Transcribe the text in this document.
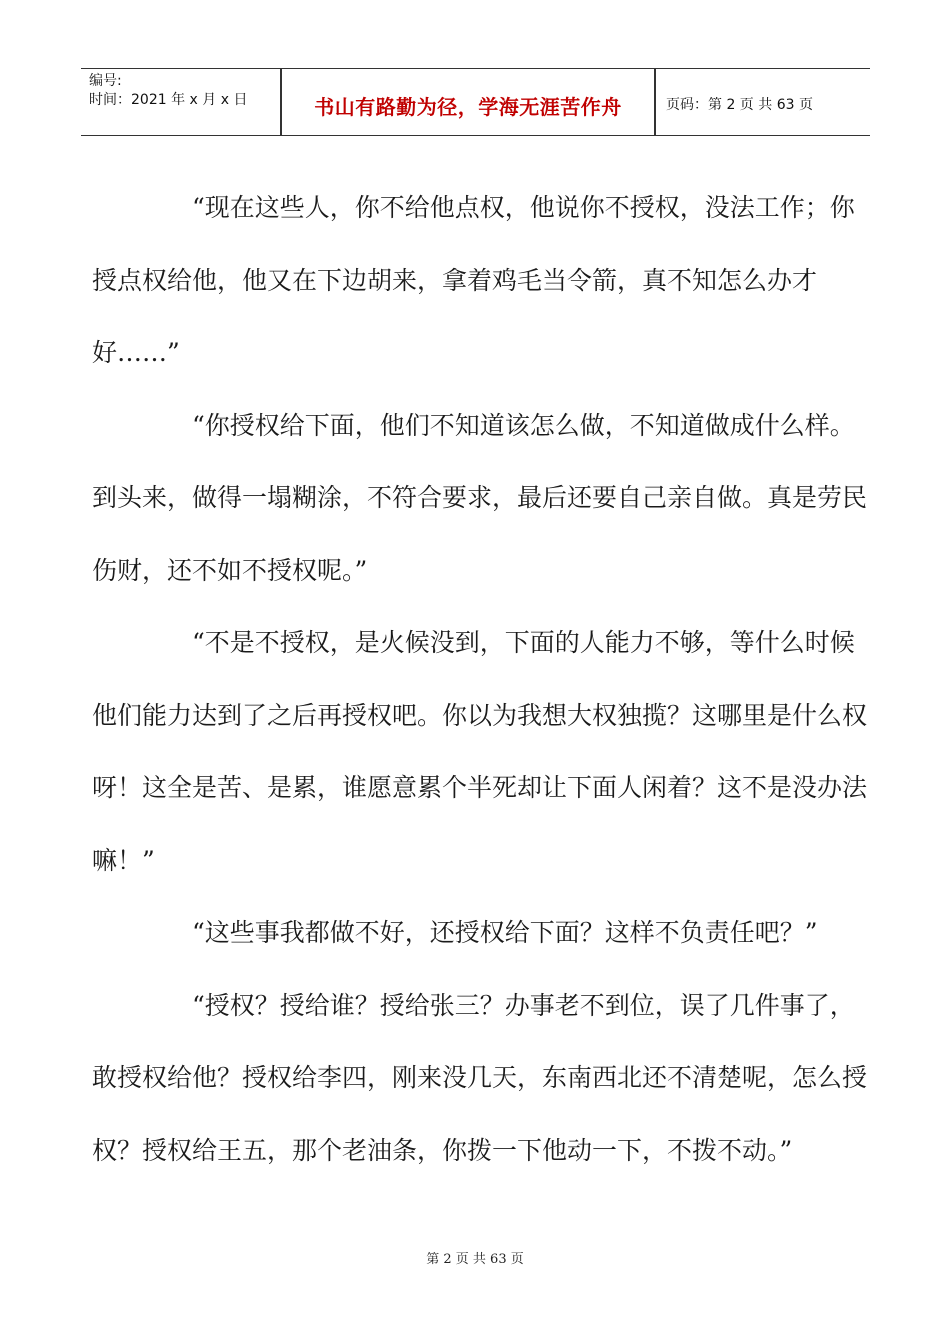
编号:
时间：2021 年 x 月 x 日	书山有路勤为径，学海无涯苦作舟	页码：第 2 页 共 63 页

“现在这些人，你不给他点权，他说你不授权，没法工作；你授点权给他，他又在下边胡来，拿着鸡毛当令箭，真不知怎么办才好……”

“你授权给下面，他们不知道该怎么做，不知道做成什么样。到头来，做得一塌糊涂，不符合要求，最后还要自己亲自做。真是劳民伤财，还不如不授权呢。”

“不是不授权，是火候没到，下面的人能力不够，等什么时候他们能力达到了之后再授权吧。你以为我想大权独揽？这哪里是什么权呀！这全是苦、是累，谁愿意累个半死却让下面人闲着？这不是没办法嘛！”

“这些事我都做不好，还授权给下面？这样不负责任吧？”

“授权？授给谁？授给张三？办事老不到位，误了几件事了，敢授权给他？授权给李四，刚来没几天，东南西北还不清楚呢，怎么授权？授权给王五，那个老油条，你拨一下他动一下，不拨不动。”

第 2 页 共 63 页
